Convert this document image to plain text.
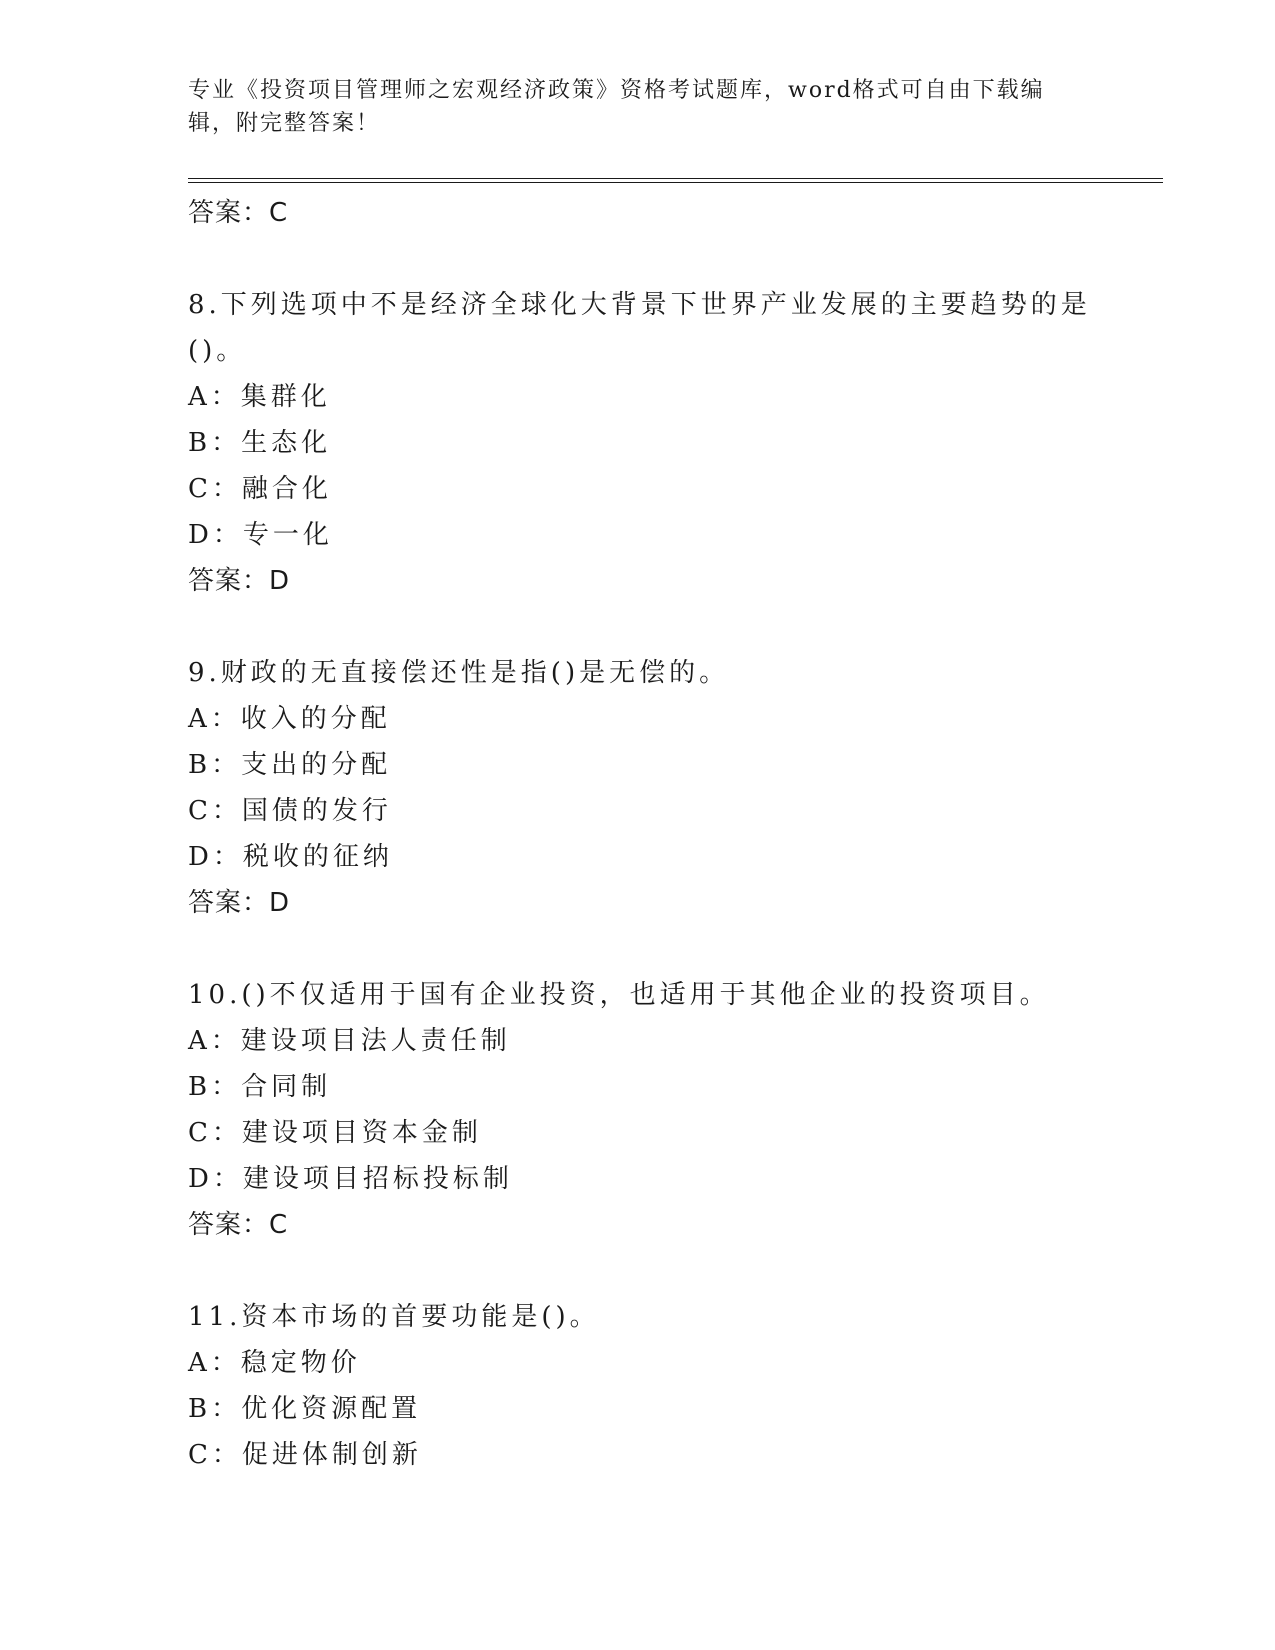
专业《投资项目管理师之宏观经济政策》资格考试题库，word格式可自由下载编
辑，附完整答案！
答案：C
8.下列选项中不是经济全球化大背景下世界产业发展的主要趋势的是
()。
A：集群化
B：生态化
C：融合化
D：专一化
答案：D
9.财政的无直接偿还性是指()是无偿的。
A：收入的分配
B：支出的分配
C：国债的发行
D：税收的征纳
答案：D
10.()不仅适用于国有企业投资，也适用于其他企业的投资项目。
A：建设项目法人责任制
B：合同制
C：建设项目资本金制
D：建设项目招标投标制
答案：C
11.资本市场的首要功能是()。
A：稳定物价
B：优化资源配置
C：促进体制创新
